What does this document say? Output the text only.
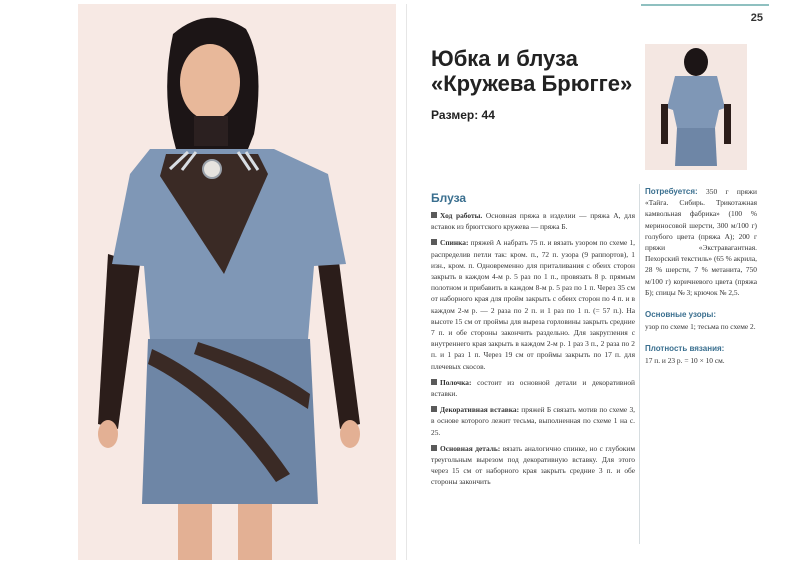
25
Юбка и блуза
«Кружева Брюгге»
Размер: 44
Блуза

Ход работы. Основная пряжа в изделии — пряжа А, для вставок из брюггского кружева — пряжа Б.

Спинка: пряжей А набрать 75 п. и вязать узором по схеме 1, распределив петли так: кром. п., 72 п. узора (9 раппортов), 1 изн., кром. п. Одновременно для приталивания с обеих сторон закрыть в каждом 4-м р. 5 раз по 1 п., провязать 8 р. прямым полотном и прибавить в каждом 8-м р. 5 раз по 1 п. Через 35 см от наборного края для пройм закрыть с обеих сторон по 4 п. и в каждом 2-м р. — 2 раза по 2 п. и 1 раз по 1 п. (= 57 п.). На высоте 15 см от проймы для выреза горловины закрыть средние 7 п. и обе стороны закончить раздельно. Для закругления с внутреннего края закрыть в каждом 2-м р. 1 раз 3 п., 2 раза по 2 п. и 1 раз 1 п. Через 19 см от проймы закрыть по 17 п. для плечевых скосов.

Полочка: состоит из основной детали и декоративной вставки.

Декоративная вставка: пряжей Б связать мотив по схеме 3, в основе которого лежит тесьма, выполненная по схеме 1 на с. 25.

Основная деталь: вязать аналогично спинке, но с глубоким треугольным вырезом под декоративную вставку. Для этого через 15 см от наборного края закрыть средние 3 п. и обе стороны закончить

Потребуется: 350 г пряжи «Тайга. Сибирь. Трикотажная камвольная фабрика» (100 % мериносовой шерсти, 300 м/100 г) голубого цвета (пряжа А); 200 г пряжи «Экстравагантная. Пехорский текстиль» (65 % акрила, 28 % шерсти, 7 % метанита, 750 м/100 г) коричневого цвета (пряжа Б); спицы № 3; крючок № 2,5.
Основные узоры:
узор по схеме 1; тесьма по схеме 2.
Плотность вязания:
17 п. и 23 р. = 10 × 10 см.
